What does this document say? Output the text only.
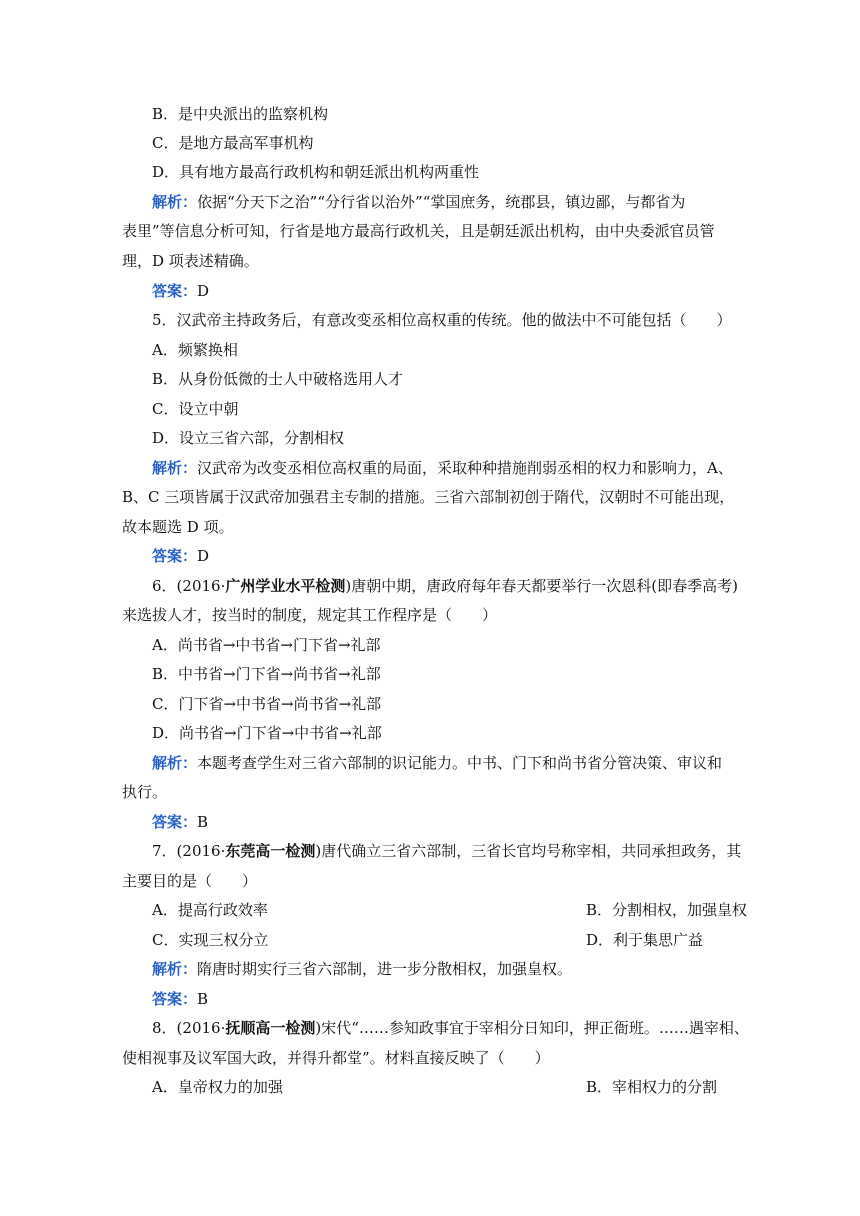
B．是中央派出的监察机构
C．是地方最高军事机构
D．具有地方最高行政机构和朝廷派出机构两重性
解析：依据“分天下之治”“分行省以治外”“掌国庶务，统郡县，镇边鄙，与都省为
表里”等信息分析可知，行省是地方最高行政机关，且是朝廷派出机构，由中央委派官员管
理，D 项表述精确。
答案：D
5．汉武帝主持政务后，有意改变丞相位高权重的传统。他的做法中不可能包括（　　）
A．频繁换相
B．从身份低微的士人中破格选用人才
C．设立中朝
D．设立三省六部，分割相权
解析：汉武帝为改变丞相位高权重的局面，采取种种措施削弱丞相的权力和影响力，A、
B、C 三项皆属于汉武帝加强君主专制的措施。三省六部制初创于隋代，汉朝时不可能出现，
故本题选 D 项。
答案：D
6．(2016·广州学业水平检测)唐朝中期，唐政府每年春天都要举行一次恩科(即春季高考)
来选拔人才，按当时的制度，规定其工作程序是（　　）
A．尚书省→中书省→门下省→礼部
B．中书省→门下省→尚书省→礼部
C．门下省→中书省→尚书省→礼部
D．尚书省→门下省→中书省→礼部
解析：本题考查学生对三省六部制的识记能力。中书、门下和尚书省分管决策、审议和
执行。
答案：B
7．(2016·东莞高一检测)唐代确立三省六部制，三省长官均号称宰相，共同承担政务，其
主要目的是（　　）
A．提高行政效率	B．分割相权，加强皇权
C．实现三权分立	D．利于集思广益
解析：隋唐时期实行三省六部制，进一步分散相权，加强皇权。
答案：B
8．(2016·抚顺高一检测)宋代“……参知政事宜于宰相分日知印，押正衙班。……遇宰相、
使相视事及议军国大政，并得升都堂”。材料直接反映了（　　）
A．皇帝权力的加强	B．宰相权力的分割
